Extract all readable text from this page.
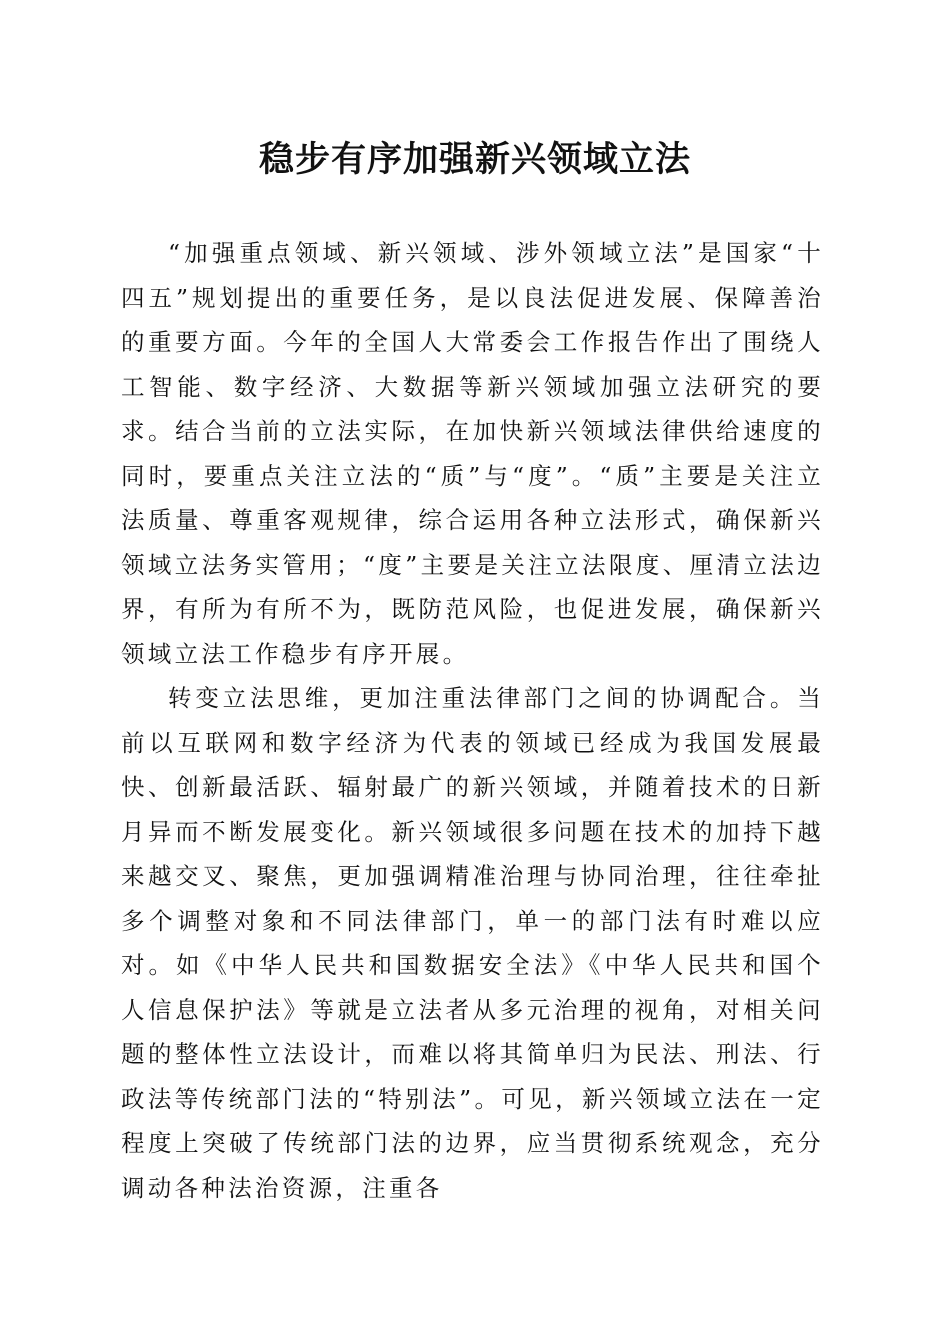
稳步有序加强新兴领域立法

“加强重点领域、新兴领域、涉外领域立法”是国家“十四五”规划提出的重要任务，是以良法促进发展、保障善治的重要方面。今年的全国人大常委会工作报告作出了围绕人工智能、数字经济、大数据等新兴领域加强立法研究的要求。结合当前的立法实际，在加快新兴领域法律供给速度的同时，要重点关注立法的“质”与“度”。“质”主要是关注立法质量、尊重客观规律，综合运用各种立法形式，确保新兴领域立法务实管用；“度”主要是关注立法限度、厘清立法边界，有所为有所不为，既防范风险，也促进发展，确保新兴领域立法工作稳步有序开展。

转变立法思维，更加注重法律部门之间的协调配合。当前以互联网和数字经济为代表的领域已经成为我国发展最快、创新最活跃、辐射最广的新兴领域，并随着技术的日新月异而不断发展变化。新兴领域很多问题在技术的加持下越来越交叉、聚焦，更加强调精准治理与协同治理，往往牵扯多个调整对象和不同法律部门，单一的部门法有时难以应对。如《中华人民共和国数据安全法》《中华人民共和国个人信息保护法》等就是立法者从多元治理的视角，对相关问题的整体性立法设计，而难以将其简单归为民法、刑法、行政法等传统部门法的“特别法”。可见，新兴领域立法在一定程度上突破了传统部门法的边界，应当贯彻系统观念，充分调动各种法治资源，注重各
